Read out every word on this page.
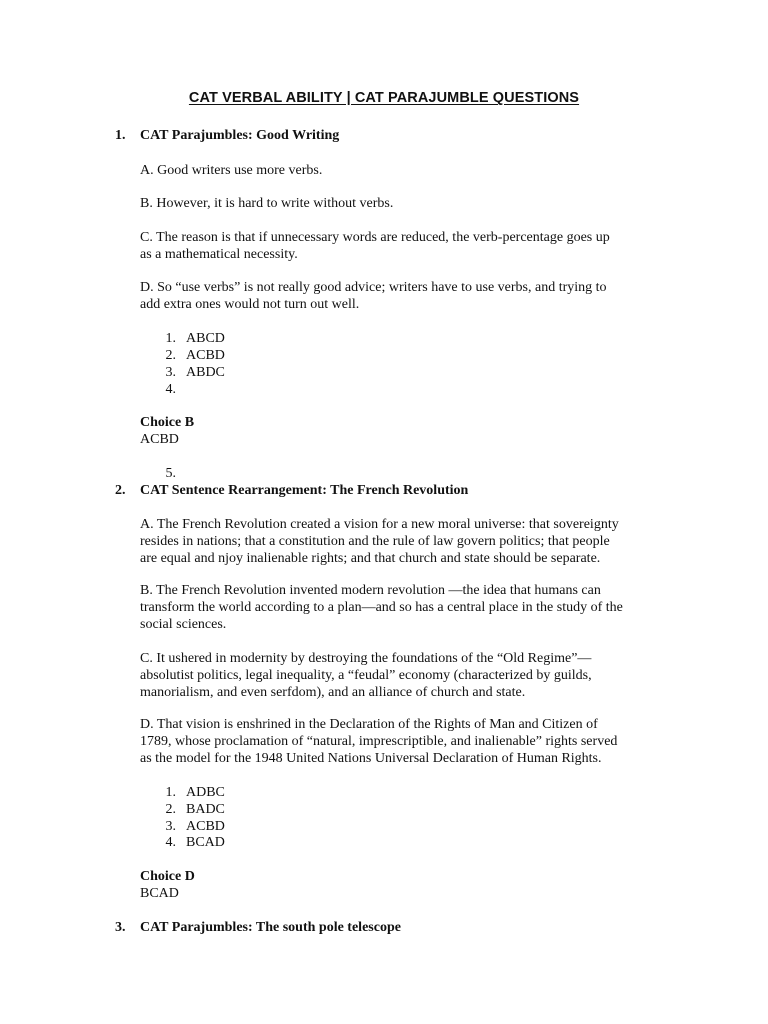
CAT VERBAL ABILITY | CAT PARAJUMBLE QUESTIONS
1. CAT Parajumbles: Good Writing
A. Good writers use more verbs.
B. However, it is hard to write without verbs.
C. The reason is that if unnecessary words are reduced, the verb-percentage goes up
as a mathematical necessity.
D. So “use verbs” is not really good advice; writers have to use verbs, and trying to
add extra ones would not turn out well.
1. ABCD
2. ACBD
3. ABDC
4.
Choice B
ACBD
5.
2. CAT Sentence Rearrangement: The French Revolution
A. The French Revolution created a vision for a new moral universe: that sovereignty
resides in nations; that a constitution and the rule of law govern politics; that people
are equal and njoy inalienable rights; and that church and state should be separate.
B. The French Revolution invented modern revolution —the idea that humans can
transform the world according to a plan—and so has a central place in the study of the
social sciences.
C. It ushered in modernity by destroying the foundations of the “Old Regime”—
absolutist politics, legal inequality, a “feudal” economy (characterized by guilds,
manorialism, and even serfdom), and an alliance of church and state.
D. That vision is enshrined in the Declaration of the Rights of Man and Citizen of
1789, whose proclamation of “natural, imprescriptible, and inalienable” rights served
as the model for the 1948 United Nations Universal Declaration of Human Rights.
1. ADBC
2. BADC
3. ACBD
4. BCAD
Choice D
BCAD
3. CAT Parajumbles: The south pole telescope
